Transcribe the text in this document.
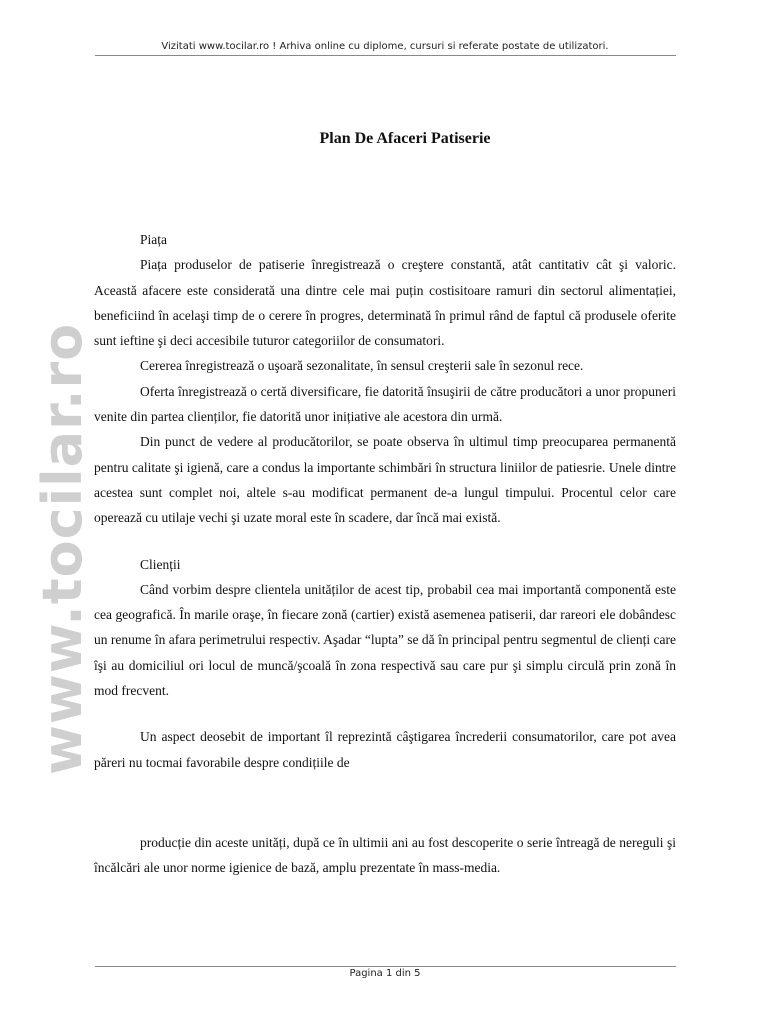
Vizitati www.tocilar.ro ! Arhiva online cu diplome, cursuri si referate postate de utilizatori.
www.tocilar.ro
Plan De Afaceri Patiserie

Piața

Piața produselor de patiserie înregistrează o creştere constantă, atât cantitativ cât şi valoric. Această afacere este considerată una dintre cele mai puțin costisitoare ramuri din sectorul alimentației, beneficiind în acelaşi timp de o cerere în progres, determinată în primul rând de faptul că produsele oferite sunt ieftine şi deci accesibile tuturor categoriilor de consumatori.

Cererea înregistrează o uşoară sezonalitate, în sensul creşterii sale în sezonul rece.

Oferta înregistrează o certă diversificare, fie datorită însuşirii de către producători a unor propuneri venite din partea clienților, fie datorită unor inițiative ale acestora din urmă.

Din punct de vedere al producătorilor, se poate observa în ultimul timp preocuparea permanentă pentru calitate şi igienă, care a condus la importante schimbări în structura liniilor de patiesrie. Unele dintre acestea sunt complet noi, altele s-au modificat permanent de-a lungul timpului. Procentul celor care operează cu utilaje vechi şi uzate moral este în scadere, dar încă mai există.

Clienții

Când vorbim despre clientela unităților de acest tip, probabil cea mai importantă componentă este cea geografică. În marile oraşe, în fiecare zonă (cartier) există asemenea patiserii, dar rareori ele dobândesc un renume în afara perimetrului respectiv. Aşadar “lupta” se dă în principal pentru segmentul de clienți care îşi au domiciliul ori locul de muncă/şcoală în zona respectivă sau care pur şi simplu circulă prin zonă în mod frecvent.

Un aspect deosebit de important îl reprezintă câştigarea încrederii consumatorilor, care pot avea păreri nu tocmai favorabile despre condițiile de

producție din aceste unități, după ce în ultimii ani au fost descoperite o serie întreagă de nereguli şi încălcări ale unor norme igienice de bază, amplu prezentate în mass-media.

Pagina 1 din 5
